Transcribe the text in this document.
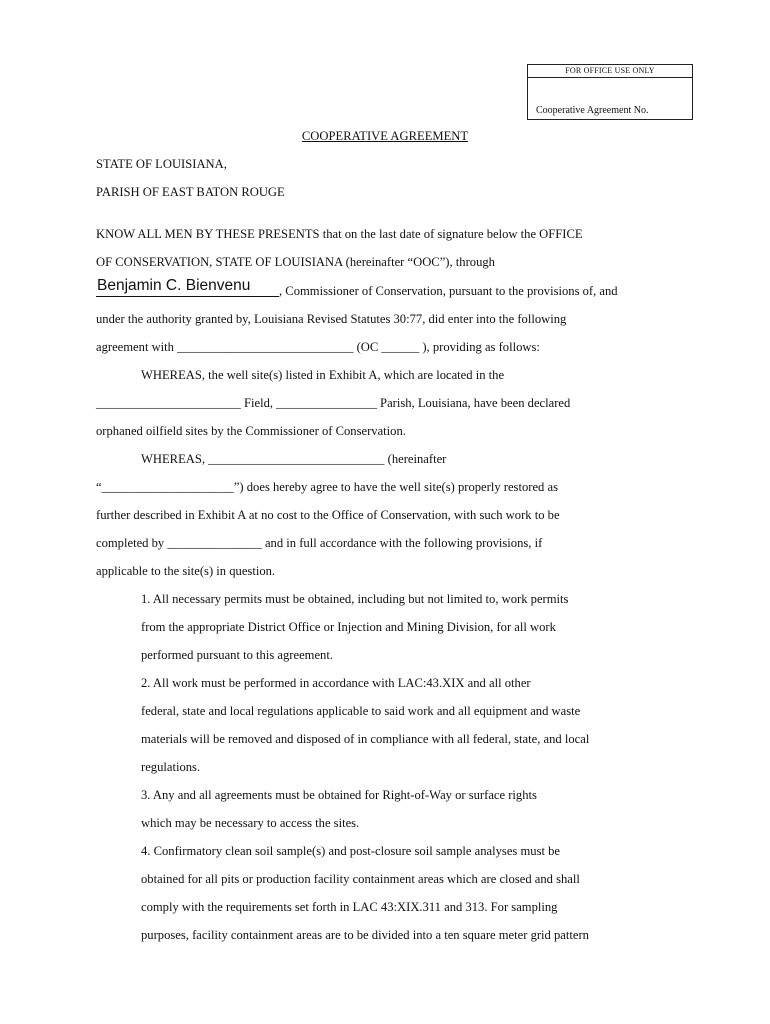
FOR OFFICE USE ONLY
Cooperative Agreement No.
COOPERATIVE AGREEMENT
STATE OF LOUISIANA,
PARISH OF EAST BATON ROUGE
KNOW ALL MEN BY THESE PRESENTS that on the last date of signature below the OFFICE
OF CONSERVATION, STATE OF LOUISIANA (hereinafter “OOC”), through
Benjamin C. Bienvenu , Commissioner of Conservation, pursuant to the provisions of, and
under the authority granted by, Louisiana Revised Statutes 30:77, did enter into the following
agreement with ____________________________ (OC ______ ), providing as follows:
WHEREAS, the well site(s) listed in Exhibit A, which are located in the
_______________________ Field, ________________ Parish, Louisiana, have been declared
orphaned oilfield sites by the Commissioner of Conservation.
WHEREAS, ____________________________ (hereinafter
“_____________________”) does hereby agree to have the well site(s) properly restored as
further described in Exhibit A at no cost to the Office of Conservation, with such work to be
completed by _______________ and in full accordance with the following provisions, if
applicable to the site(s) in question.
1. All necessary permits must be obtained, including but not limited to, work permits
from the appropriate District Office or Injection and Mining Division, for all work
performed pursuant to this agreement.
2. All work must be performed in accordance with LAC:43.XIX and all other
federal, state and local regulations applicable to said work and all equipment and waste
materials will be removed and disposed of in compliance with all federal, state, and local
regulations.
3. Any and all agreements must be obtained for Right-of-Way or surface rights
which may be necessary to access the sites.
4. Confirmatory clean soil sample(s) and post-closure soil sample analyses must be
obtained for all pits or production facility containment areas which are closed and shall
comply with the requirements set forth in LAC 43:XIX.311 and 313. For sampling
purposes, facility containment areas are to be divided into a ten square meter grid pattern
